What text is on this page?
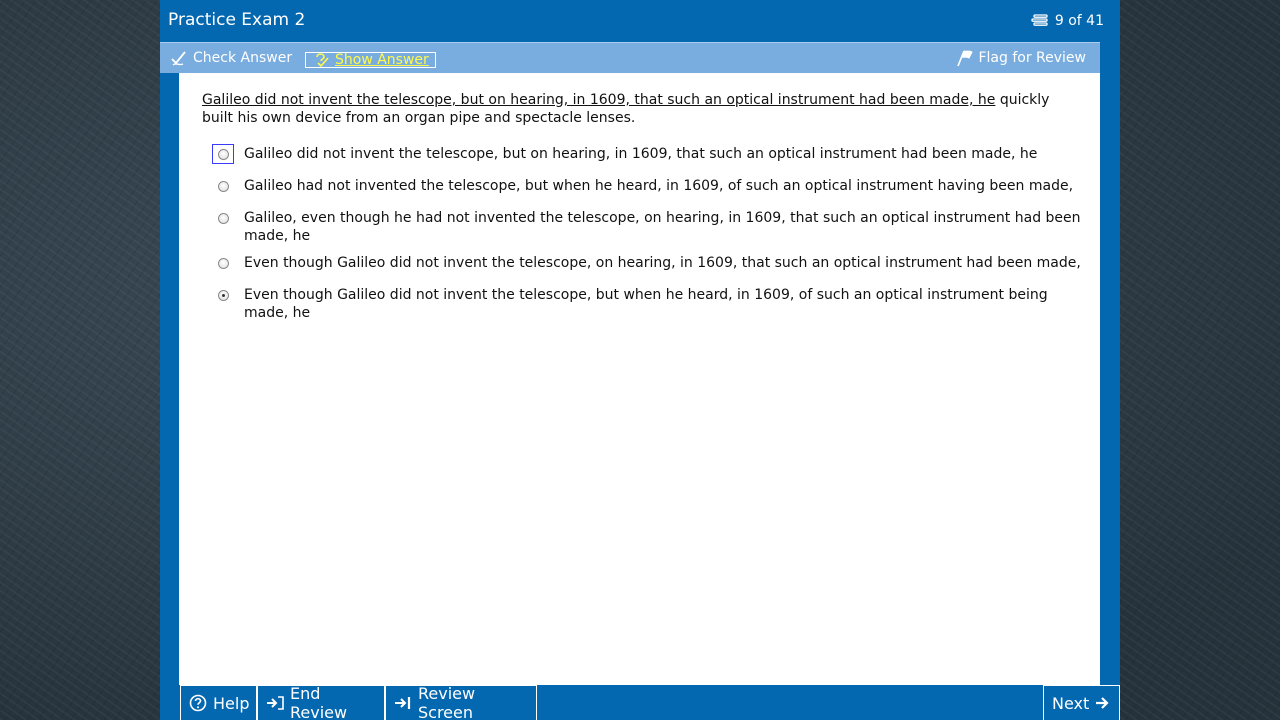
Practice Exam 2	9 of 41
Check Answer	Show Answer	Flag for Review
Galileo did not invent the telescope, but on hearing, in 1609, that such an optical instrument had been made, he quickly built his own device from an organ pipe and spectacle lenses.
Galileo did not invent the telescope, but on hearing, in 1609, that such an optical instrument had been made, he
Galileo had not invented the telescope, but when he heard, in 1609, of such an optical instrument having been made,
Galileo, even though he had not invented the telescope, on hearing, in 1609, that such an optical instrument had been made, he
Even though Galileo did not invent the telescope, on hearing, in 1609, that such an optical instrument had been made,
Even though Galileo did not invent the telescope, but when he heard, in 1609, of such an optical instrument being made, he
Help	End Review
Review Screen	Next
